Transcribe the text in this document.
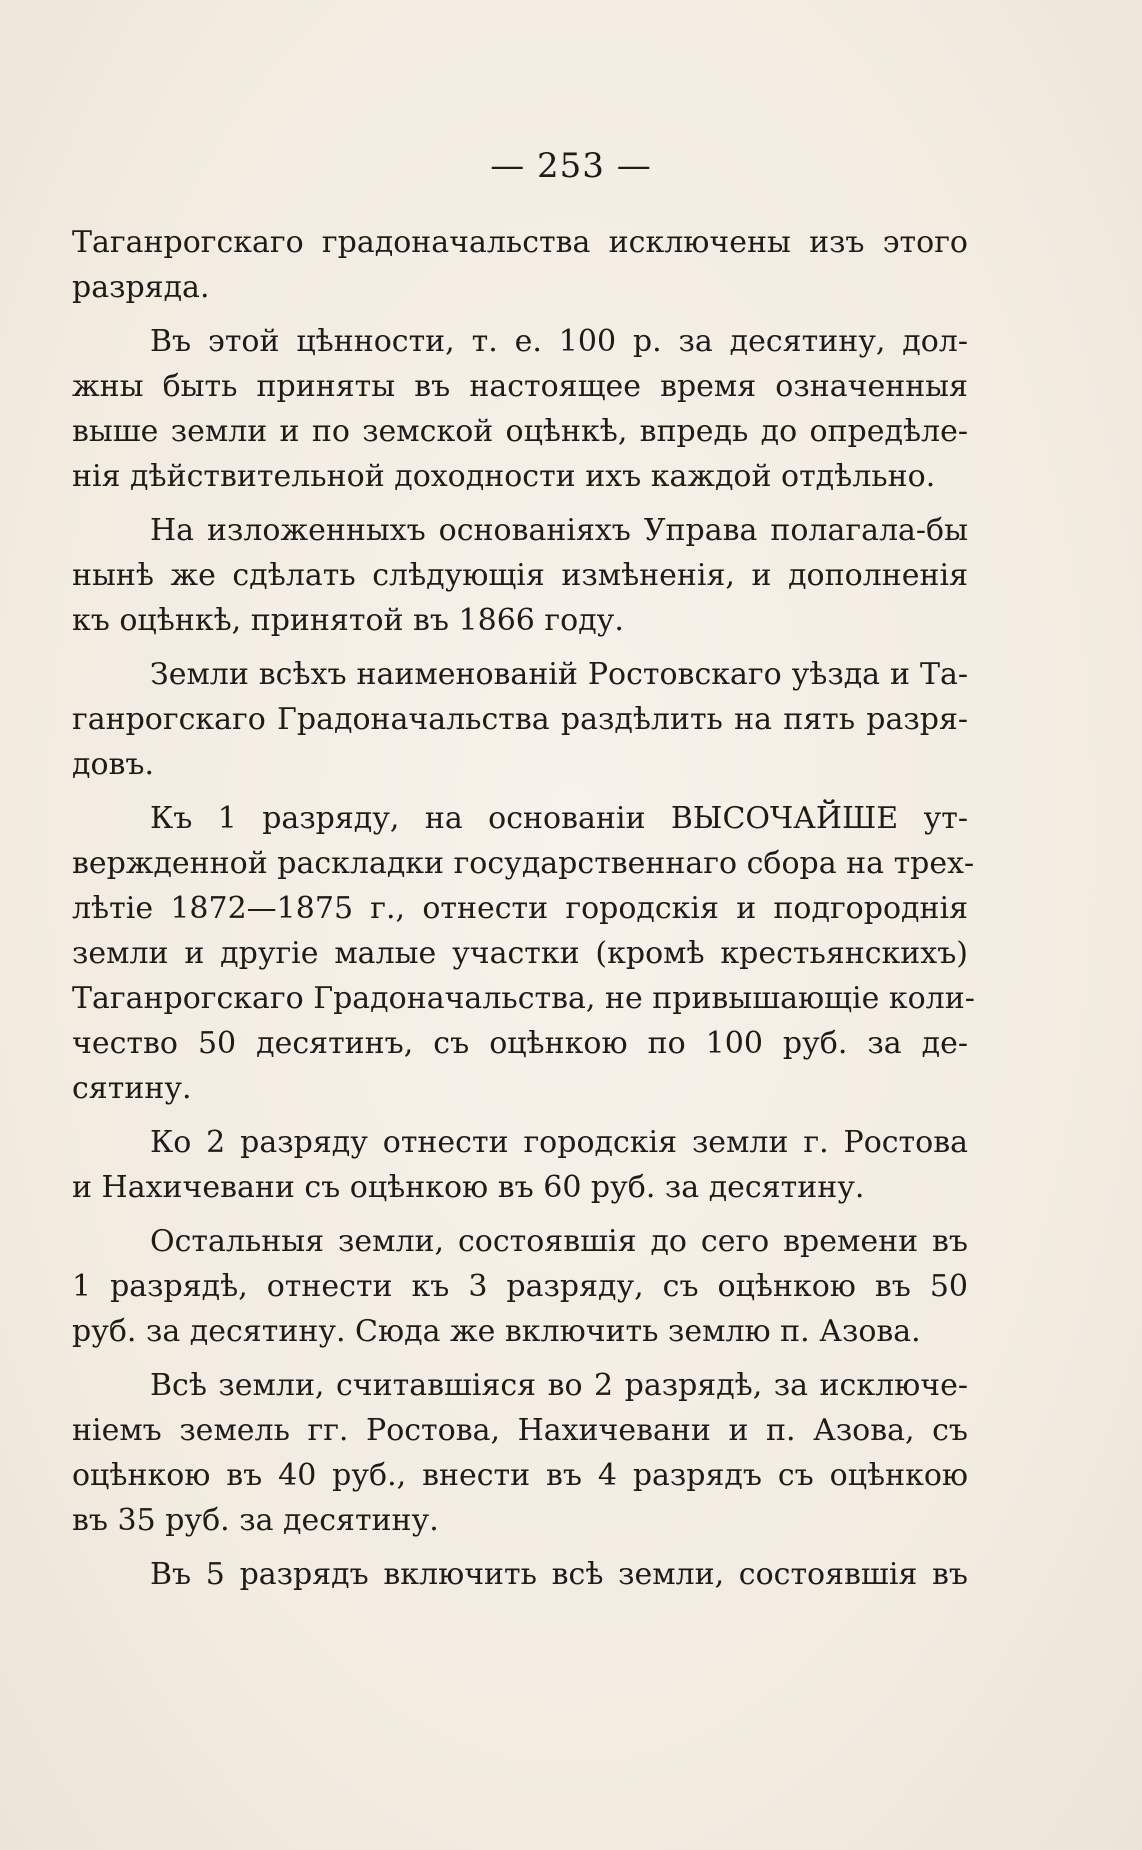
— 253 —
Таганрогскаго градоначальства исключены изъ этого
разряда.
Въ этой цѣнности, т. е. 100 р. за десятину, дол-
жны быть приняты въ настоящее время означенныя
выше земли и по земской оцѣнкѣ, впредь до опредѣле-
нія дѣйствительной доходности ихъ каждой отдѣльно.
На изложенныхъ основаніяхъ Управа полагала-бы
нынѣ же сдѣлать слѣдующія измѣненія, и дополненія
къ оцѣнкѣ, принятой въ 1866 году.
Земли всѣхъ наименованій Ростовскаго уѣзда и Та-
ганрогскаго Градоначальства раздѣлить на пять разря-
довъ.
Къ 1 разряду, на основаніи ВЫСОЧАЙШЕ ут-
вержденной раскладки государственнаго сбора на трех-
лѣтіе 1872—1875 г., отнести городскія и подгороднія
земли и другіе малые участки (кромѣ крестьянскихъ)
Таганрогскаго Градоначальства, не привышающіе коли-
чество 50 десятинъ, съ оцѣнкою по 100 руб. за де-
сятину.
Ко 2 разряду отнести городскія земли г. Ростова
и Нахичевани съ оцѣнкою въ 60 руб. за десятину.
Остальныя земли, состоявшія до сего времени въ
1 разрядѣ, отнести къ 3 разряду, съ оцѣнкою въ 50
руб. за десятину. Сюда же включить землю п. Азова.
Всѣ земли, считавшіяся во 2 разрядѣ, за исключе-
ніемъ земель гг. Ростова, Нахичевани и п. Азова, съ
оцѣнкою въ 40 руб., внести въ 4 разрядъ съ оцѣнкою
въ 35 руб. за десятину.
Въ 5 разрядъ включить всѣ земли, состоявшія въ
